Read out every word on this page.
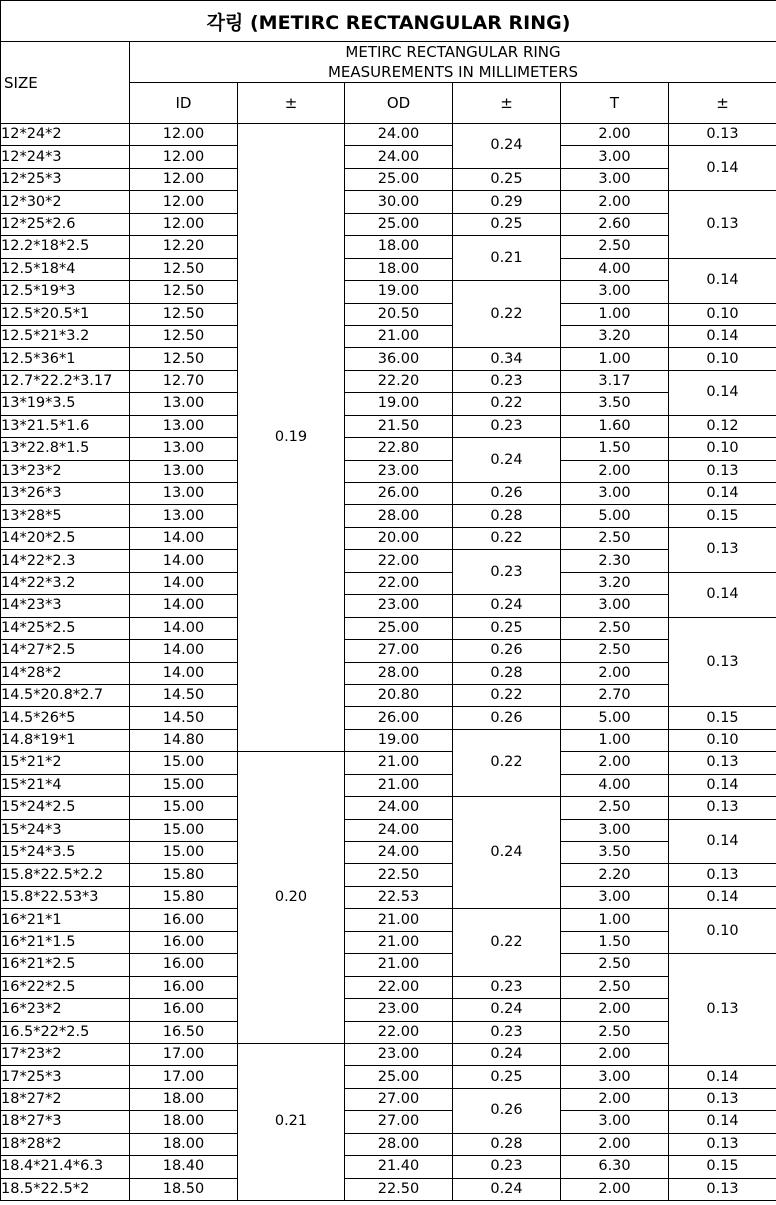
각링 (METIRC RECTANGULAR RING)						
SIZE	METIRC RECTANGULAR RING
MEASUREMENTS IN MILLIMETERS					

	ID	±	OD	±	T	±
12*24*2	12.00	0.19	24.00	0.24	2.00	0.13
12*24*3	12.00		24.00		3.00	0.14
12*25*3	12.00		25.00	0.25	3.00	
12*30*2	12.00		30.00	0.29	2.00	0.13
12*25*2.6	12.00		25.00	0.25	2.60	
12.2*18*2.5	12.20		18.00	0.21	2.50	
12.5*18*4	12.50		18.00		4.00	0.14
12.5*19*3	12.50		19.00	0.22	3.00	
12.5*20.5*1	12.50		20.50		1.00	0.10
12.5*21*3.2	12.50		21.00		3.20	0.14
12.5*36*1	12.50		36.00	0.34	1.00	0.10
12.7*22.2*3.17	12.70		22.20	0.23	3.17	0.14
13*19*3.5	13.00		19.00	0.22	3.50	
13*21.5*1.6	13.00		21.50	0.23	1.60	0.12
13*22.8*1.5	13.00		22.80	0.24	1.50	0.10
13*23*2	13.00		23.00		2.00	0.13
13*26*3	13.00		26.00	0.26	3.00	0.14
13*28*5	13.00		28.00	0.28	5.00	0.15
14*20*2.5	14.00		20.00	0.22	2.50	0.13
14*22*2.3	14.00		22.00	0.23	2.30	
14*22*3.2	14.00		22.00		3.20	0.14
14*23*3	14.00		23.00	0.24	3.00	
14*25*2.5	14.00		25.00	0.25	2.50	0.13
14*27*2.5	14.00		27.00	0.26	2.50	
14*28*2	14.00		28.00	0.28	2.00	
14.5*20.8*2.7	14.50		20.80	0.22	2.70	
14.5*26*5	14.50		26.00	0.26	5.00	0.15
14.8*19*1	14.80		19.00	0.22	1.00	0.10
15*21*2	15.00	0.20	21.00		2.00	0.13
15*21*4	15.00		21.00		4.00	0.14
15*24*2.5	15.00		24.00	0.24	2.50	0.13
15*24*3	15.00		24.00		3.00	0.14
15*24*3.5	15.00		24.00		3.50	
15.8*22.5*2.2	15.80		22.50		2.20	0.13
15.8*22.53*3	15.80		22.53		3.00	0.14
16*21*1	16.00		21.00	0.22	1.00	0.10
16*21*1.5	16.00		21.00		1.50	
16*21*2.5	16.00		21.00		2.50	0.13
16*22*2.5	16.00		22.00	0.23	2.50	
16*23*2	16.00		23.00	0.24	2.00	
16.5*22*2.5	16.50		22.00	0.23	2.50	
17*23*2	17.00	0.21	23.00	0.24	2.00	
17*25*3	17.00		25.00	0.25	3.00	0.14
18*27*2	18.00		27.00	0.26	2.00	0.13
18*27*3	18.00		27.00		3.00	0.14
18*28*2	18.00		28.00	0.28	2.00	0.13
18.4*21.4*6.3	18.40		21.40	0.23	6.30	0.15
18.5*22.5*2	18.50		22.50	0.24	2.00	0.13
